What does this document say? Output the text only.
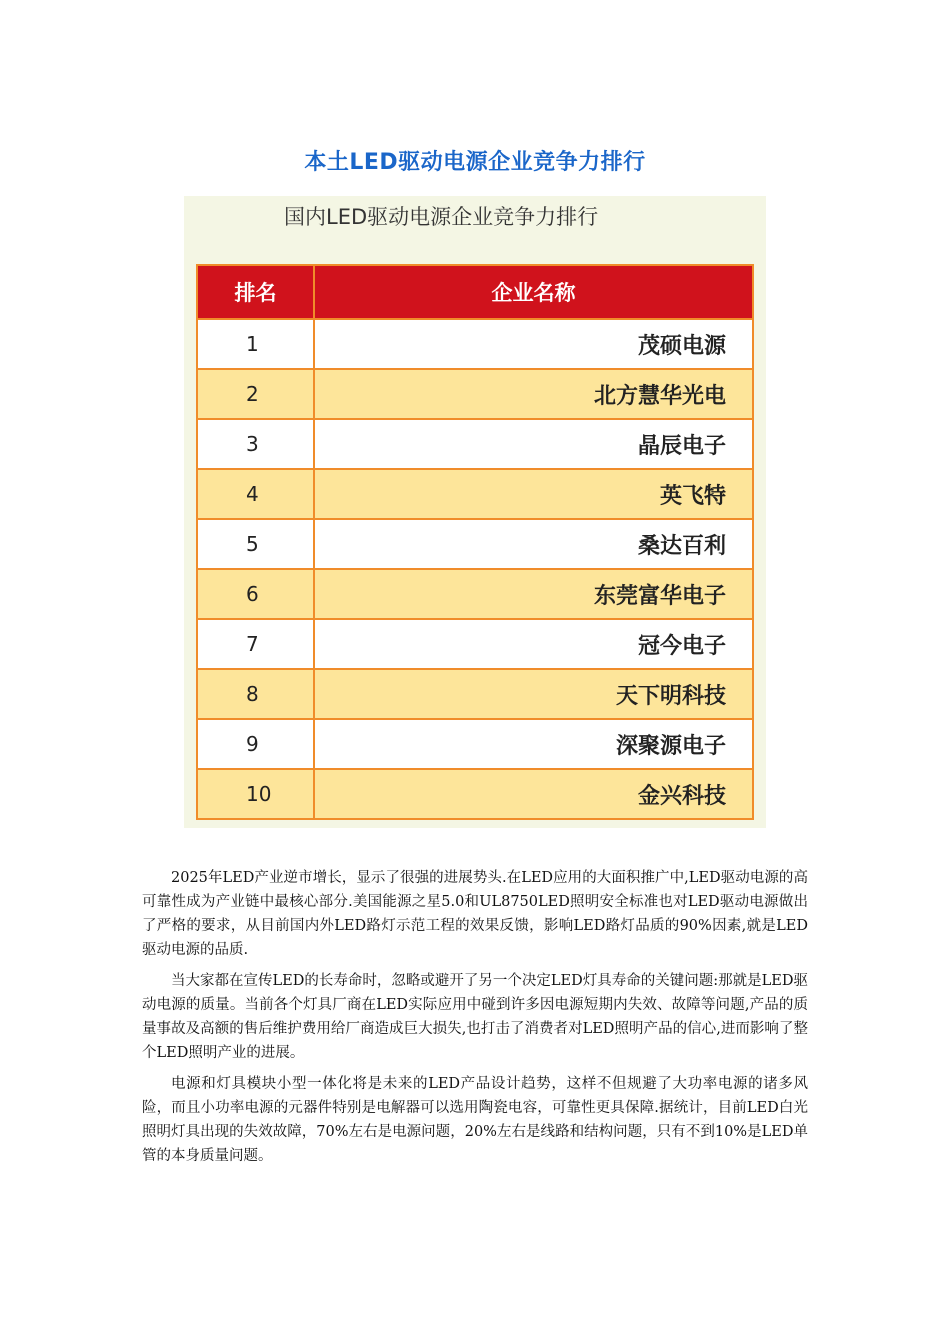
本土LED驱动电源企业竞争力排行
国内LED驱动电源企业竞争力排行
排名	企业名称
1	茂硕电源
2	北方慧华光电
3	晶辰电子
4	英飞特
5	桑达百利
6	东莞富华电子
7	冠今电子
8	天下明科技
9	深聚源电子
10	金兴科技

2025年LED产业逆市增长，显示了很强的进展势头.在LED应用的大面积推广中,LED驱动电源的高可靠性成为产业链中最核心部分.美国能源之星5.0和UL8750LED照明安全标准也对LED驱动电源做出了严格的要求，从目前国内外LED路灯示范工程的效果反馈，影响LED路灯品质的90%因素,就是LED驱动电源的品质.

当大家都在宣传LED的长寿命时，忽略或避开了另一个决定LED灯具寿命的关键问题:那就是LED驱动电源的质量。当前各个灯具厂商在LED实际应用中碰到许多因电源短期内失效、故障等问题,产品的质量事故及高额的售后维护费用给厂商造成巨大损失,也打击了消费者对LED照明产品的信心,进而影响了整个LED照明产业的进展。

电源和灯具模块小型一体化将是未来的LED产品设计趋势，这样不但规避了大功率电源的诸多风险，而且小功率电源的元器件特别是电解器可以选用陶瓷电容，可靠性更具保障.据统计，目前LED白光照明灯具出现的失效故障，70%左右是电源问题，20%左右是线路和结构问题，只有不到10%是LED单管的本身质量问题。
